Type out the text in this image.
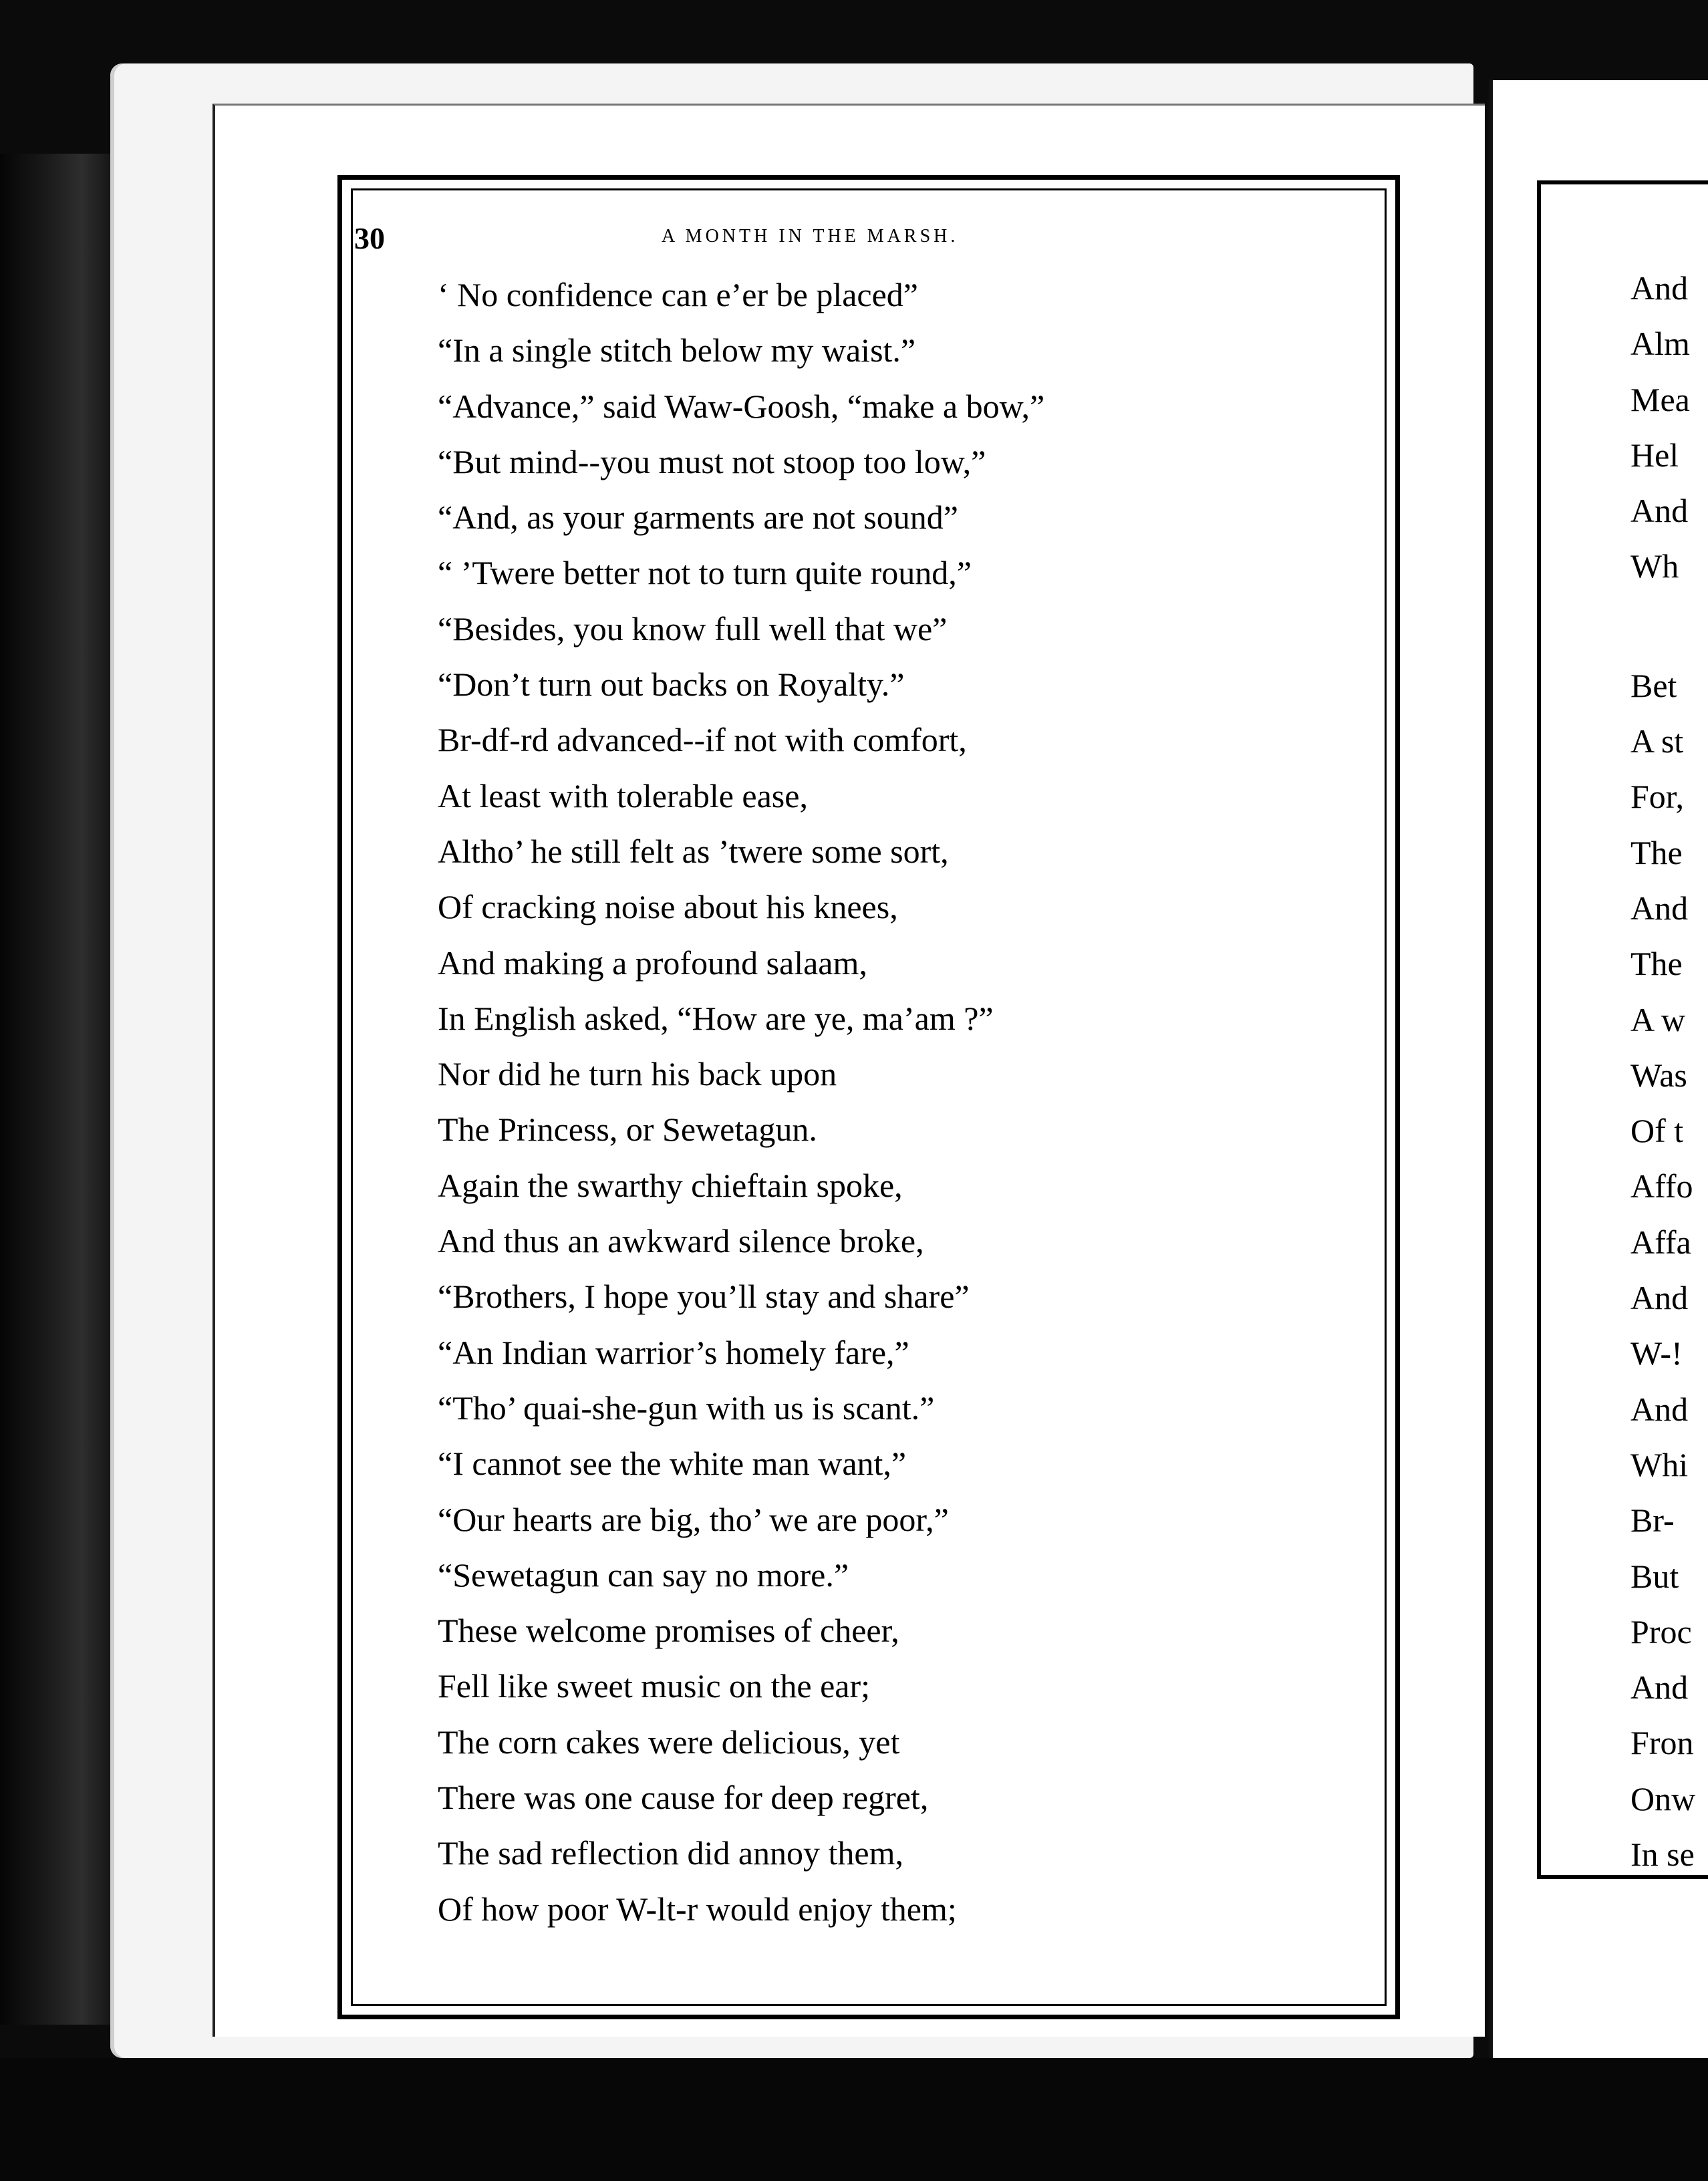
30	A MONTH IN THE MARSH.
‘ No confidence can e’er be placed”
“In a single stitch below my waist.”
“Advance,” said Waw-Goosh, “make a bow,”
“But mind--you must not stoop too low,”
“And, as your garments are not sound”
“ ’Twere better not to turn quite round,”
“Besides, you know full well that we”
“Don’t turn out backs on Royalty.”
Br-df-rd advanced--if not with comfort,
At least with tolerable ease,
Altho’ he still felt as ’twere some sort,
Of cracking noise about his knees,
And making a profound salaam,
In English asked, “How are ye, ma’am ?”
Nor did he turn his back upon
The Princess, or Sewetagun.
Again the swarthy chieftain spoke,
And thus an awkward silence broke,
“Brothers, I hope you’ll stay and share”
“An Indian warrior’s homely fare,”
“Tho’ quai-she-gun with us is scant.”
“I cannot see the white man want,”
“Our hearts are big, tho’ we are poor,”
“Sewetagun can say no more.”
These welcome promises of cheer,
Fell like sweet music on the ear;
The corn cakes were delicious, yet
There was one cause for deep regret,
The sad reflection did annoy them,
Of how poor W-lt-r would enjoy them;
And
Alm
Mea
Hel
And
Wh
Bet
A st
For,
The
And
The
A w
Was
Of t
Affo
Affa
And
W-!
And
Whi
Br-
But
Proc
And
Fron
Onw
In se
